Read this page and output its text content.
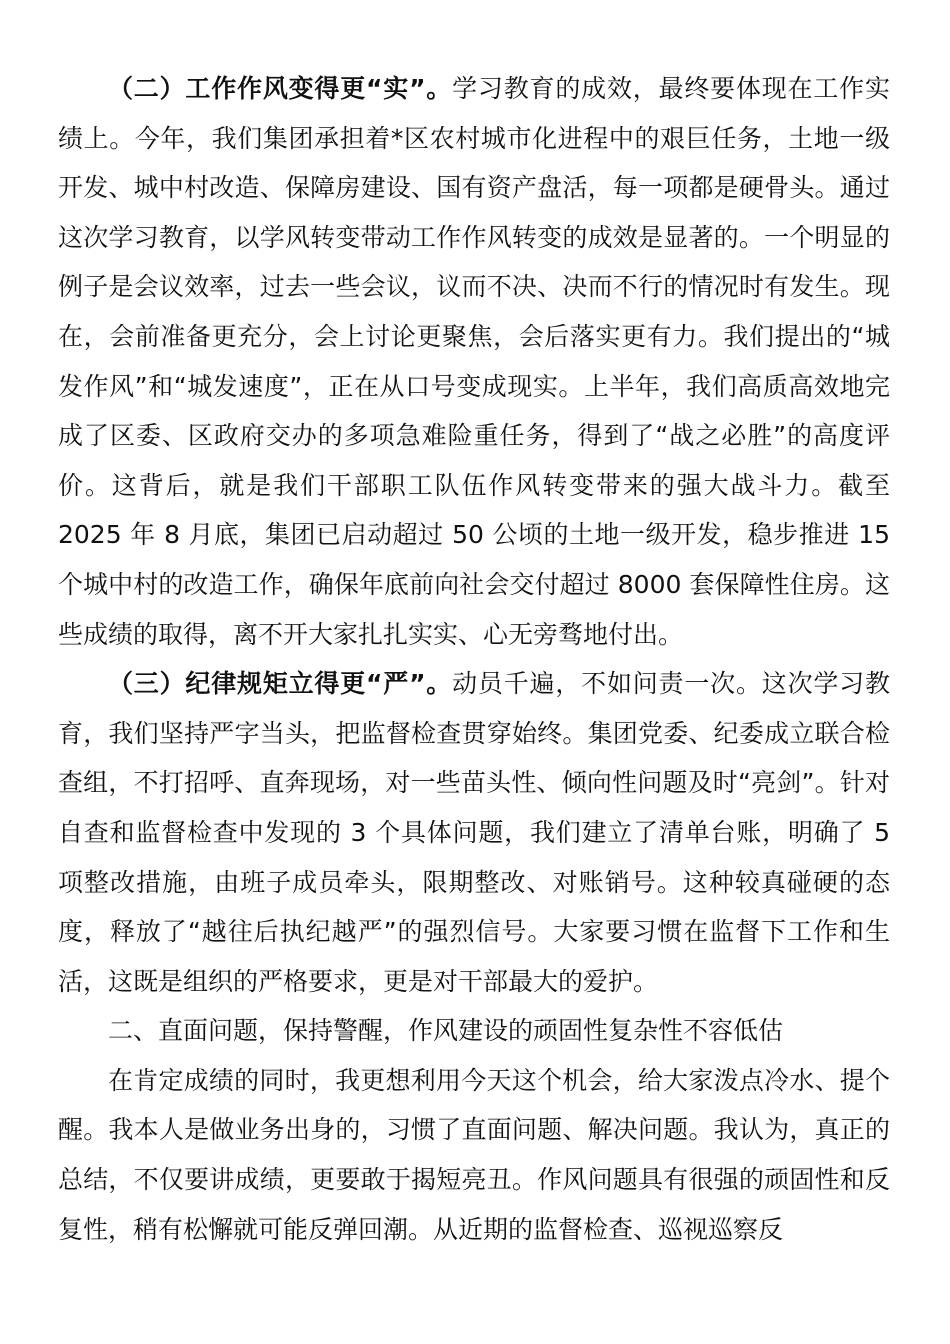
（二）工作作风变得更“实”。学习教育的成效，最终要体现在工作实绩上。今年，我们集团承担着*区农村城市化进程中的艰巨任务，土地一级开发、城中村改造、保障房建设、国有资产盘活，每一项都是硬骨头。通过这次学习教育，以学风转变带动工作作风转变的成效是显著的。一个明显的例子是会议效率，过去一些会议，议而不决、决而不行的情况时有发生。现在，会前准备更充分，会上讨论更聚焦，会后落实更有力。我们提出的“城发作风”和“城发速度”，正在从口号变成现实。上半年，我们高质高效地完成了区委、区政府交办的多项急难险重任务，得到了“战之必胜”的高度评价。这背后，就是我们干部职工队伍作风转变带来的强大战斗力。截至 2025 年 8 月底，集团已启动超过 50 公顷的土地一级开发，稳步推进 15 个城中村的改造工作，确保年底前向社会交付超过 8000 套保障性住房。这些成绩的取得，离不开大家扎扎实实、心无旁骛地付出。

（三）纪律规矩立得更“严”。动员千遍，不如问责一次。这次学习教育，我们坚持严字当头，把监督检查贯穿始终。集团党委、纪委成立联合检查组，不打招呼、直奔现场，对一些苗头性、倾向性问题及时“亮剑”。针对自查和监督检查中发现的 3 个具体问题，我们建立了清单台账，明确了 5 项整改措施，由班子成员牵头，限期整改、对账销号。这种较真碰硬的态度，释放了“越往后执纪越严”的强烈信号。大家要习惯在监督下工作和生活，这既是组织的严格要求，更是对干部最大的爱护。

二、直面问题，保持警醒，作风建设的顽固性复杂性不容低估

在肯定成绩的同时，我更想利用今天这个机会，给大家泼点冷水、提个醒。我本人是做业务出身的，习惯了直面问题、解决问题。我认为，真正的总结，不仅要讲成绩，更要敢于揭短亮丑。作风问题具有很强的顽固性和反复性，稍有松懈就可能反弹回潮。从近期的监督检查、巡视巡察反
